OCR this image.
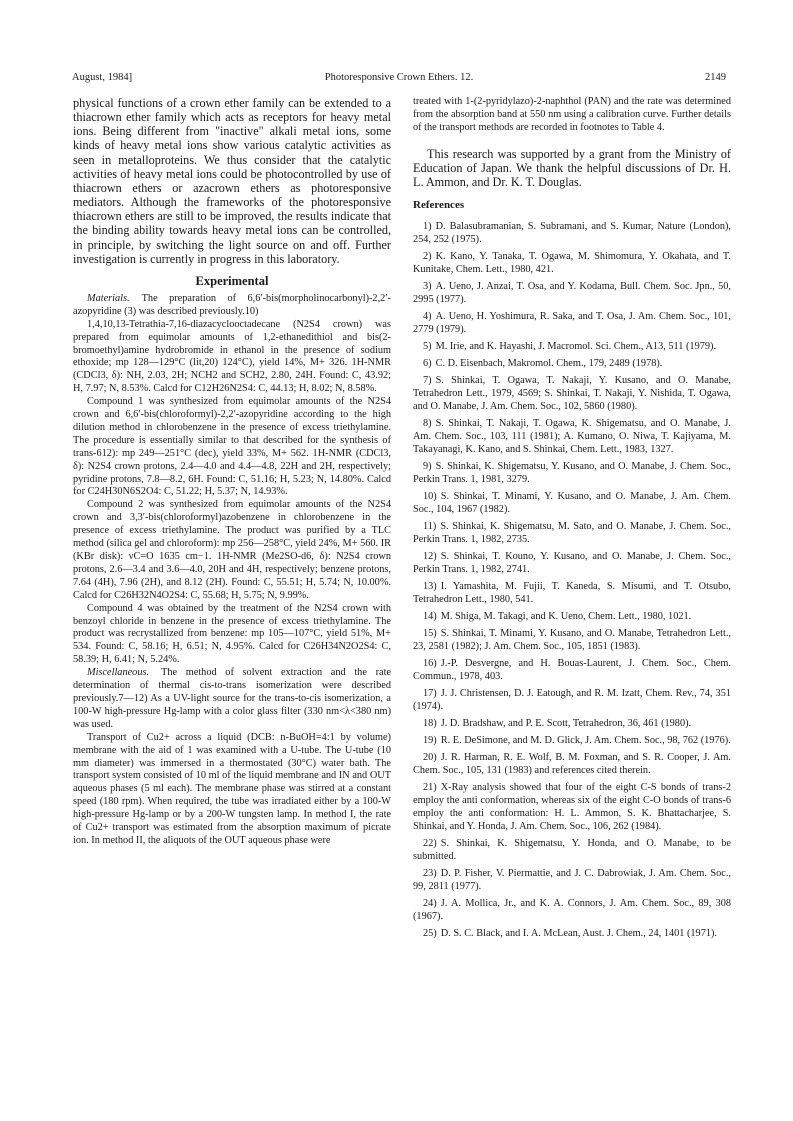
August, 1984]	Photoresponsive Crown Ethers. 12.	2149

physical functions of a crown ether family can be extended to a thiacrown ether family which acts as receptors for heavy metal ions. Being different from "inactive" alkali metal ions, some kinds of heavy metal ions show various catalytic activities as seen in metalloproteins. We thus consider that the catalytic activities of heavy metal ions could be photocontrolled by use of thiacrown ethers or azacrown ethers as photoresponsive mediators. Although the frameworks of the photoresponsive thiacrown ethers are still to be improved, the results indicate that the binding ability towards heavy metal ions can be controlled, in principle, by switching the light source on and off. Further investigation is currently in progress in this laboratory.

Experimental

Materials. The preparation of 6,6′-bis(morpholinocarbonyl)-2,2′-azopyridine (3) was described previously.10)

1,4,10,13-Tetrathia-7,16-diazacyclooctadecane (N2S4 crown) was prepared from equimolar amounts of 1,2-ethanedithiol and bis(2-bromoethyl)amine hydrobromide in ethanol in the presence of sodium ethoxide; mp 128—129°C (lit,20) 124°C), yield 14%, M+ 326. 1H-NMR (CDCl3, δ): NH, 2.03, 2H; NCH2 and SCH2, 2.80, 24H. Found: C, 43.92; H, 7.97; N, 8.53%. Calcd for C12H26N2S4: C, 44.13; H, 8.02; N, 8.58%.

Compound 1 was synthesized from equimolar amounts of the N2S4 crown and 6,6′-bis(chloroformyl)-2,2′-azopyridine according to the high dilution method in chlorobenzene in the presence of excess triethylamine. The procedure is essentially similar to that described for the synthesis of trans-612): mp 249—251°C (dec), yield 33%, M+ 562. 1H-NMR (CDCl3, δ): N2S4 crown protons, 2.4—4.0 and 4.4—4.8, 22H and 2H, respectively; pyridine protons, 7.8—8.2, 6H. Found: C, 51.16; H, 5.23; N, 14.80%. Calcd for C24H30N6S2O4: C, 51.22; H, 5.37; N, 14.93%.

Compound 2 was synthesized from equimolar amounts of the N2S4 crown and 3,3′-bis(chloroformyl)azobenzene in chlorobenzene in the presence of excess triethylamine. The product was purified by a TLC method (silica gel and chloroform): mp 256—258°C, yield 24%, M+ 560. IR (KBr disk): νC=O 1635 cm−1. 1H-NMR (Me2SO-d6, δ): N2S4 crown protons, 2.6—3.4 and 3.6—4.0, 20H and 4H, respectively; benzene protons, 7.64 (4H), 7.96 (2H), and 8.12 (2H). Found: C, 55.51; H, 5.74; N, 10.00%. Calcd for C26H32N4O2S4: C, 55.68; H, 5.75; N, 9.99%.

Compound 4 was obtained by the treatment of the N2S4 crown with benzoyl chloride in benzene in the presence of excess triethylamine. The product was recrystallized from benzene: mp 105—107°C, yield 51%, M+ 534. Found: C, 58.16; H, 6.51; N, 4.95%. Calcd for C26H34N2O2S4: C, 58.39; H, 6.41; N, 5.24%.

Miscellaneous. The method of solvent extraction and the rate determination of thermal cis-to-trans isomerization were described previously.7—12) As a UV-light source for the trans-to-cis isomerization, a 100-W high-pressure Hg-lamp with a color glass filter (330 nm<λ<380 nm) was used.

Transport of Cu2+ across a liquid (DCB: n-BuOH=4:1 by volume) membrane with the aid of 1 was examined with a U-tube. The U-tube (10 mm diameter) was immersed in a thermostated (30°C) water bath. The transport system consisted of 10 ml of the liquid membrane and IN and OUT aqueous phases (5 ml each). The membrane phase was stirred at a constant speed (180 rpm). When required, the tube was irradiated either by a 100-W high-pressure Hg-lamp or by a 200-W tungsten lamp. In method I, the rate of Cu2+ transport was estimated from the absorption maximum of picrate ion. In method II, the aliquots of the OUT aqueous phase were

treated with 1-(2-pyridylazo)-2-naphthol (PAN) and the rate was determined from the absorption band at 550 nm using a calibration curve. Further details of the transport methods are recorded in footnotes to Table 4.

This research was supported by a grant from the Ministry of Education of Japan. We thank the helpful discussions of Dr. H. L. Ammon, and Dr. K. T. Douglas.

References
1) D. Balasubramanian, S. Subramani, and S. Kumar, Nature (London), 254, 252 (1975).
2) K. Kano, Y. Tanaka, T. Ogawa, M. Shimomura, Y. Okahata, and T. Kunitake, Chem. Lett., 1980, 421.
3) A. Ueno, J. Anzai, T. Osa, and Y. Kodama, Bull. Chem. Soc. Jpn., 50, 2995 (1977).
4) A. Ueno, H. Yoshimura, R. Saka, and T. Osa, J. Am. Chem. Soc., 101, 2779 (1979).
5) M. Irie, and K. Hayashi, J. Macromol. Sci. Chem., A13, 511 (1979).
6) C. D. Eisenbach, Makromol. Chem., 179, 2489 (1978).
7) S. Shinkai, T. Ogawa, T. Nakaji, Y. Kusano, and O. Manabe, Tetrahedron Lett., 1979, 4569; S. Shinkai, T. Nakaji, Y. Nishida, T. Ogawa, and O. Manabe, J. Am. Chem. Soc., 102, 5860 (1980).
8) S. Shinkai, T. Nakaji, T. Ogawa, K. Shigematsu, and O. Manabe, J. Am. Chem. Soc., 103, 111 (1981); A. Kumano, O. Niwa, T. Kajiyama, M. Takayanagi, K. Kano, and S. Shinkai, Chem. Lett., 1983, 1327.
9) S. Shinkai, K. Shigematsu, Y. Kusano, and O. Manabe, J. Chem. Soc., Perkin Trans. 1, 1981, 3279.
10) S. Shinkai, T. Minami, Y. Kusano, and O. Manabe, J. Am. Chem. Soc., 104, 1967 (1982).
11) S. Shinkai, K. Shigematsu, M. Sato, and O. Manabe, J. Chem. Soc., Perkin Trans. 1, 1982, 2735.
12) S. Shinkai, T. Kouno, Y. Kusano, and O. Manabe, J. Chem. Soc., Perkin Trans. 1, 1982, 2741.
13) I. Yamashita, M. Fujii, T. Kaneda, S. Misumi, and T. Otsubo, Tetrahedron Lett., 1980, 541.
14) M. Shiga, M. Takagi, and K. Ueno, Chem. Lett., 1980, 1021.
15) S. Shinkai, T. Minami, Y. Kusano, and O. Manabe, Tetrahedron Lett., 23, 2581 (1982); J. Am. Chem. Soc., 105, 1851 (1983).
16) J.-P. Desvergne, and H. Bouas-Laurent, J. Chem. Soc., Chem. Commun., 1978, 403.
17) J. J. Christensen, D. J. Eatough, and R. M. Izatt, Chem. Rev., 74, 351 (1974).
18) J. D. Bradshaw, and P. E. Scott, Tetrahedron, 36, 461 (1980).
19) R. E. DeSimone, and M. D. Glick, J. Am. Chem. Soc., 98, 762 (1976).
20) J. R. Harman, R. E. Wolf, B. M. Foxman, and S. R. Cooper, J. Am. Chem. Soc., 105, 131 (1983) and references cited therein.
21) X-Ray analysis showed that four of the eight C-S bonds of trans-2 employ the anti conformation, whereas six of the eight C-O bonds of trans-6 employ the anti conformation: H. L. Ammon, S. K. Bhattacharjee, S. Shinkai, and Y. Honda, J. Am. Chem. Soc., 106, 262 (1984).
22) S. Shinkai, K. Shigematsu, Y. Honda, and O. Manabe, to be submitted.
23) D. P. Fisher, V. Piermattie, and J. C. Dabrowiak, J. Am. Chem. Soc., 99, 2811 (1977).
24) J. A. Mollica, Jr., and K. A. Connors, J. Am. Chem. Soc., 89, 308 (1967).
25) D. S. C. Black, and I. A. McLean, Aust. J. Chem., 24, 1401 (1971).
